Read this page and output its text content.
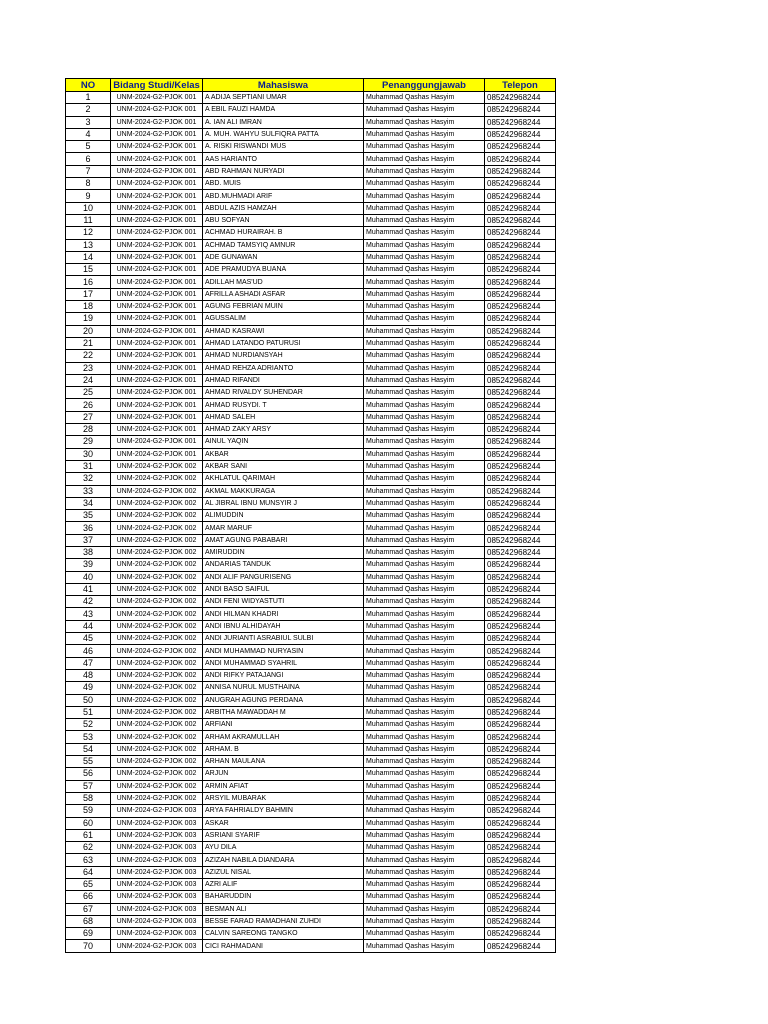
NO	Bidang Studi/Kelas	Mahasiswa	Penanggungjawab	Telepon
1	UNM-2024-G2-PJOK 001	A ADIJA SEPTIANI UMAR	Muhammad Qashas Hasyim	085242968244
2	UNM-2024-G2-PJOK 001	A EBIL FAUZI HAMDA	Muhammad Qashas Hasyim	085242968244
3	UNM-2024-G2-PJOK 001	A. IAN ALI IMRAN	Muhammad Qashas Hasyim	085242968244
4	UNM-2024-G2-PJOK 001	A. MUH. WAHYU SULFIQRA PATTA	Muhammad Qashas Hasyim	085242968244
5	UNM-2024-G2-PJOK 001	A. RISKI RISWANDI MUS	Muhammad Qashas Hasyim	085242968244
6	UNM-2024-G2-PJOK 001	AAS HARIANTO	Muhammad Qashas Hasyim	085242968244
7	UNM-2024-G2-PJOK 001	ABD RAHMAN NURYADI	Muhammad Qashas Hasyim	085242968244
8	UNM-2024-G2-PJOK 001	ABD. MUIS	Muhammad Qashas Hasyim	085242968244
9	UNM-2024-G2-PJOK 001	ABD.MUHMADI ARIF	Muhammad Qashas Hasyim	085242968244
10	UNM-2024-G2-PJOK 001	ABDUL AZIS HAMZAH	Muhammad Qashas Hasyim	085242968244
11	UNM-2024-G2-PJOK 001	ABU SOFYAN	Muhammad Qashas Hasyim	085242968244
12	UNM-2024-G2-PJOK 001	ACHMAD HURAIRAH. B	Muhammad Qashas Hasyim	085242968244
13	UNM-2024-G2-PJOK 001	ACHMAD TAMSYIQ AMNUR	Muhammad Qashas Hasyim	085242968244
14	UNM-2024-G2-PJOK 001	ADE GUNAWAN	Muhammad Qashas Hasyim	085242968244
15	UNM-2024-G2-PJOK 001	ADE PRAMUDYA BUANA	Muhammad Qashas Hasyim	085242968244
16	UNM-2024-G2-PJOK 001	ADILLAH MAS'UD	Muhammad Qashas Hasyim	085242968244
17	UNM-2024-G2-PJOK 001	AFRILLA ASHADI ASFAR	Muhammad Qashas Hasyim	085242968244
18	UNM-2024-G2-PJOK 001	AGUNG FEBRIAN MUIN	Muhammad Qashas Hasyim	085242968244
19	UNM-2024-G2-PJOK 001	AGUSSALIM	Muhammad Qashas Hasyim	085242968244
20	UNM-2024-G2-PJOK 001	AHMAD KASRAWI	Muhammad Qashas Hasyim	085242968244
21	UNM-2024-G2-PJOK 001	AHMAD LATANDO PATURUSI	Muhammad Qashas Hasyim	085242968244
22	UNM-2024-G2-PJOK 001	AHMAD NURDIANSYAH	Muhammad Qashas Hasyim	085242968244
23	UNM-2024-G2-PJOK 001	AHMAD REHZA ADRIANTO	Muhammad Qashas Hasyim	085242968244
24	UNM-2024-G2-PJOK 001	AHMAD RIFANDI	Muhammad Qashas Hasyim	085242968244
25	UNM-2024-G2-PJOK 001	AHMAD RIVALDY SUHENDAR	Muhammad Qashas Hasyim	085242968244
26	UNM-2024-G2-PJOK 001	AHMAD RUSYDI. T	Muhammad Qashas Hasyim	085242968244
27	UNM-2024-G2-PJOK 001	AHMAD SALEH	Muhammad Qashas Hasyim	085242968244
28	UNM-2024-G2-PJOK 001	AHMAD ZAKY ARSY	Muhammad Qashas Hasyim	085242968244
29	UNM-2024-G2-PJOK 001	AINUL YAQIN	Muhammad Qashas Hasyim	085242968244
30	UNM-2024-G2-PJOK 001	AKBAR	Muhammad Qashas Hasyim	085242968244
31	UNM-2024-G2-PJOK 002	AKBAR SANI	Muhammad Qashas Hasyim	085242968244
32	UNM-2024-G2-PJOK 002	AKHLATUL QARIMAH	Muhammad Qashas Hasyim	085242968244
33	UNM-2024-G2-PJOK 002	AKMAL MAKKURAGA	Muhammad Qashas Hasyim	085242968244
34	UNM-2024-G2-PJOK 002	AL JIBRAL IBNU MUNSYIR J	Muhammad Qashas Hasyim	085242968244
35	UNM-2024-G2-PJOK 002	ALIMUDDIN	Muhammad Qashas Hasyim	085242968244
36	UNM-2024-G2-PJOK 002	AMAR MARUF	Muhammad Qashas Hasyim	085242968244
37	UNM-2024-G2-PJOK 002	AMAT AGUNG PABABARI	Muhammad Qashas Hasyim	085242968244
38	UNM-2024-G2-PJOK 002	AMIRUDDIN	Muhammad Qashas Hasyim	085242968244
39	UNM-2024-G2-PJOK 002	ANDARIAS TANDUK	Muhammad Qashas Hasyim	085242968244
40	UNM-2024-G2-PJOK 002	ANDI ALIF PANGURISENG	Muhammad Qashas Hasyim	085242968244
41	UNM-2024-G2-PJOK 002	ANDI BASO SAIFUL	Muhammad Qashas Hasyim	085242968244
42	UNM-2024-G2-PJOK 002	ANDI FENI WIDYASTUTI	Muhammad Qashas Hasyim	085242968244
43	UNM-2024-G2-PJOK 002	ANDI HILMAN KHADRI	Muhammad Qashas Hasyim	085242968244
44	UNM-2024-G2-PJOK 002	ANDI IBNU ALHIDAYAH	Muhammad Qashas Hasyim	085242968244
45	UNM-2024-G2-PJOK 002	ANDI JURIANTI ASRABIUL SULBI	Muhammad Qashas Hasyim	085242968244
46	UNM-2024-G2-PJOK 002	ANDI MUHAMMAD NURYASIN	Muhammad Qashas Hasyim	085242968244
47	UNM-2024-G2-PJOK 002	ANDI MUHAMMAD SYAHRIL	Muhammad Qashas Hasyim	085242968244
48	UNM-2024-G2-PJOK 002	ANDI RIFKY PATAJANGI	Muhammad Qashas Hasyim	085242968244
49	UNM-2024-G2-PJOK 002	ANNISA NURUL MUSTHAINA	Muhammad Qashas Hasyim	085242968244
50	UNM-2024-G2-PJOK 002	ANUGRAH AGUNG PERDANA	Muhammad Qashas Hasyim	085242968244
51	UNM-2024-G2-PJOK 002	ARBITHA MAWADDAH M	Muhammad Qashas Hasyim	085242968244
52	UNM-2024-G2-PJOK 002	ARFIANI	Muhammad Qashas Hasyim	085242968244
53	UNM-2024-G2-PJOK 002	ARHAM AKRAMULLAH	Muhammad Qashas Hasyim	085242968244
54	UNM-2024-G2-PJOK 002	ARHAM. B	Muhammad Qashas Hasyim	085242968244
55	UNM-2024-G2-PJOK 002	ARHAN MAULANA	Muhammad Qashas Hasyim	085242968244
56	UNM-2024-G2-PJOK 002	ARJUN	Muhammad Qashas Hasyim	085242968244
57	UNM-2024-G2-PJOK 002	ARMIN AFIAT	Muhammad Qashas Hasyim	085242968244
58	UNM-2024-G2-PJOK 002	ARSYIL MUBARAK	Muhammad Qashas Hasyim	085242968244
59	UNM-2024-G2-PJOK 003	ARYA FAHRIALDY BAHMIN	Muhammad Qashas Hasyim	085242968244
60	UNM-2024-G2-PJOK 003	ASKAR	Muhammad Qashas Hasyim	085242968244
61	UNM-2024-G2-PJOK 003	ASRIANI SYARIF	Muhammad Qashas Hasyim	085242968244
62	UNM-2024-G2-PJOK 003	AYU DILA	Muhammad Qashas Hasyim	085242968244
63	UNM-2024-G2-PJOK 003	AZIZAH NABILA DIANDARA	Muhammad Qashas Hasyim	085242968244
64	UNM-2024-G2-PJOK 003	AZIZUL NISAL	Muhammad Qashas Hasyim	085242968244
65	UNM-2024-G2-PJOK 003	AZRI ALIF	Muhammad Qashas Hasyim	085242968244
66	UNM-2024-G2-PJOK 003	BAHARUDDIN	Muhammad Qashas Hasyim	085242968244
67	UNM-2024-G2-PJOK 003	BESMAN ALI	Muhammad Qashas Hasyim	085242968244
68	UNM-2024-G2-PJOK 003	BESSE FARAD RAMADHANI ZUHDI	Muhammad Qashas Hasyim	085242968244
69	UNM-2024-G2-PJOK 003	CALVIN SAREONG TANGKO	Muhammad Qashas Hasyim	085242968244
70	UNM-2024-G2-PJOK 003	CICI RAHMADANI	Muhammad Qashas Hasyim	085242968244
